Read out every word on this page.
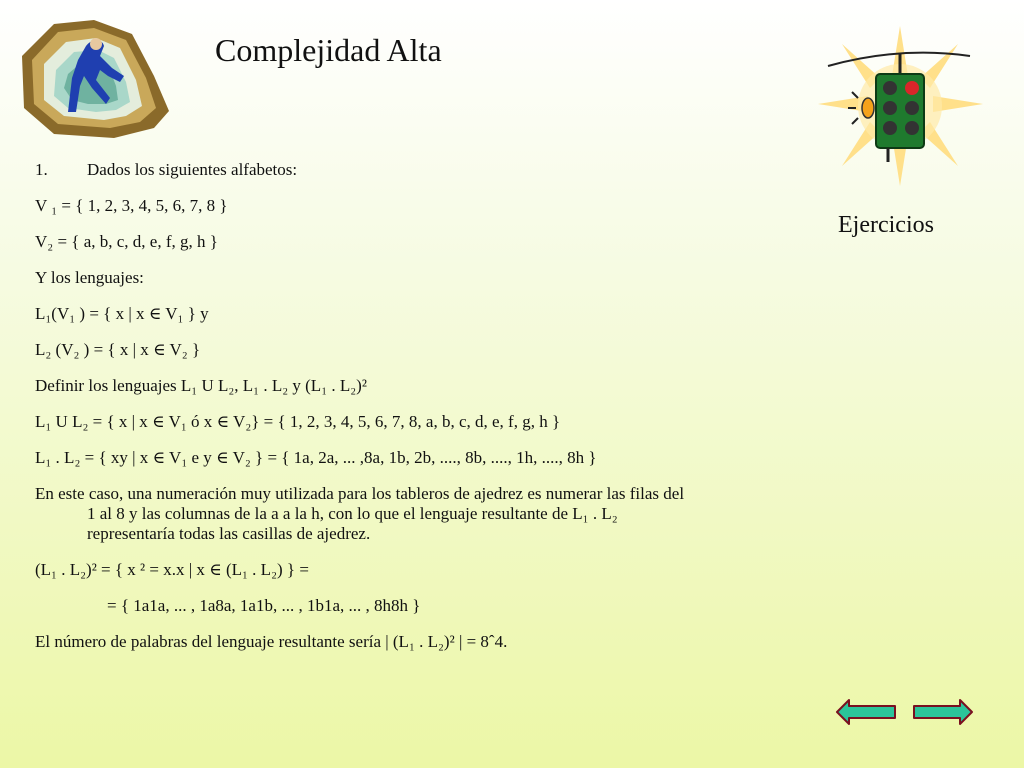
Complejidad Alta
Ejercicios
1. Dados los siguientes alfabetos:
V ₁ = { 1, 2, 3, 4, 5, 6, 7, 8 }
V₂ = { a, b, c, d, e, f, g, h }
Y los lenguajes:
L₁(V₁ ) = { x | x ∈ V₁ } y
L₂ (V₂ ) = { x | x ∈ V₂ }
Definir los lenguajes L₁ U L₂, L₁ . L₂ y (L₁ . L₂)²
L₁ U L₂ = { x | x ∈ V₁ ó x ∈ V₂} = { 1, 2, 3, 4, 5, 6, 7, 8, a, b, c, d, e, f, g, h }
L₁ . L₂ = { xy | x ∈ V₁ e y ∈ V₂ } = { 1a, 2a, ... ,8a, 1b, 2b, ...., 8b, ...., 1h, ...., 8h }
En este caso, una numeración muy utilizada para los tableros de ajedrez es numerar las filas del
1 al 8 y las columnas de la a a la h, con lo que el lenguaje resultante de L₁ . L₂
representaría todas las casillas de ajedrez.
(L₁ . L₂)² = { x ² = x.x | x ∈ (L₁ . L₂) } =
= { 1a1a, ... , 1a8a, 1a1b, ... , 1b1a, ... , 8h8h }
El número de palabras del lenguaje resultante sería | (L₁ . L₂)² | = 8ˆ4.
